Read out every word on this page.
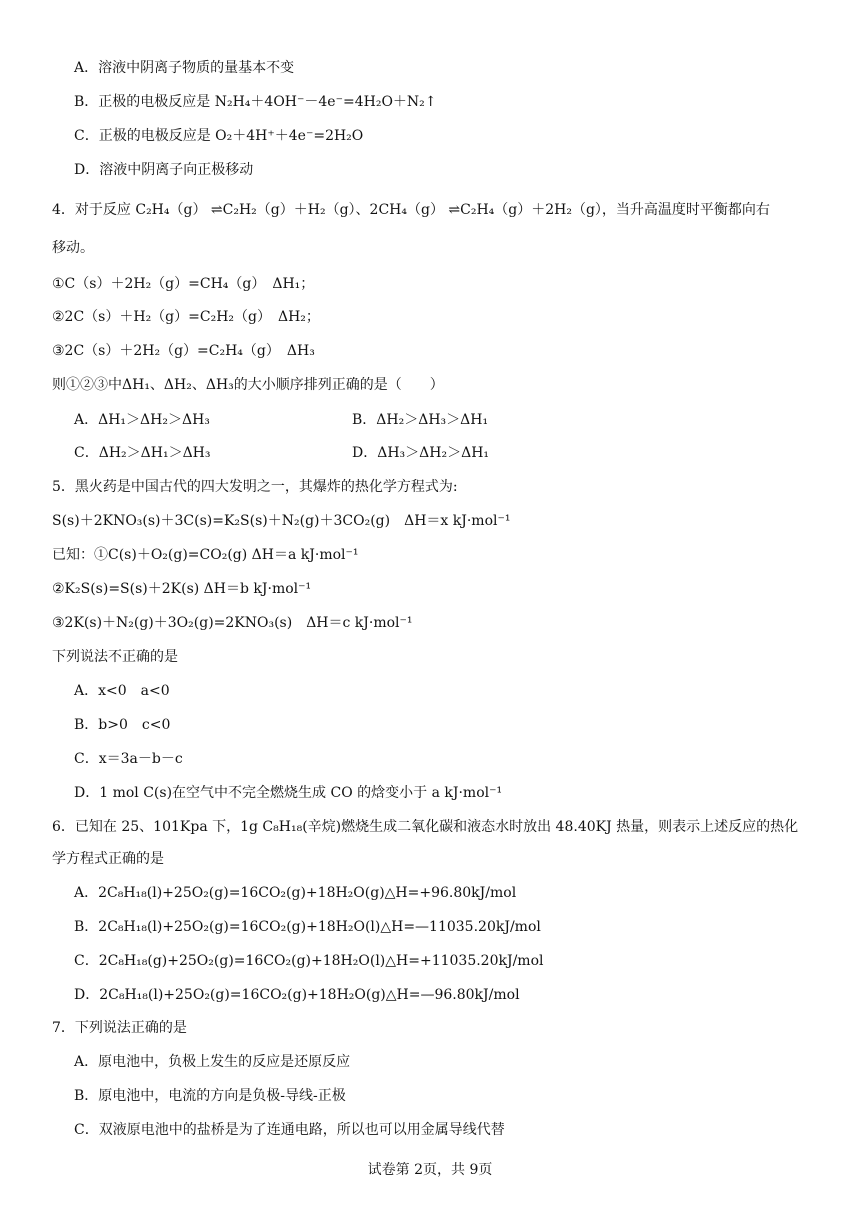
A．溶液中阴离子物质的量基本不变
B．正极的电极反应是 N₂H₄＋4OH⁻－4e⁻=4H₂O＋N₂↑
C．正极的电极反应是 O₂＋4H⁺＋4e⁻=2H₂O
D．溶液中阴离子向正极移动
4．对于反应 C₂H₄（g） ⇌C₂H₂（g）＋H₂（g）、2CH₄（g） ⇌C₂H₄（g）＋2H₂（g），当升高温度时平衡都向右
移动。
①C（s）＋2H₂（g）=CH₄（g）　ΔH₁；
②2C（s）＋H₂（g）=C₂H₂（g）　ΔH₂；
③2C（s）＋2H₂（g）=C₂H₄（g）　ΔH₃
则①②③中ΔH₁、ΔH₂、ΔH₃的大小顺序排列正确的是（　　）
A．ΔH₁＞ΔH₂＞ΔH₃	B．ΔH₂＞ΔH₃＞ΔH₁
C．ΔH₂＞ΔH₁＞ΔH₃	D．ΔH₃＞ΔH₂＞ΔH₁
5．黑火药是中国古代的四大发明之一，其爆炸的热化学方程式为:
S(s)＋2KNO₃(s)＋3C(s)=K₂S(s)＋N₂(g)＋3CO₂(g)　ΔH＝x kJ·mol⁻¹
已知：①C(s)＋O₂(g)=CO₂(g) ΔH＝a kJ·mol⁻¹
②K₂S(s)=S(s)＋2K(s) ΔH＝b kJ·mol⁻¹
③2K(s)＋N₂(g)＋3O₂(g)=2KNO₃(s)　ΔH＝c kJ·mol⁻¹
下列说法不正确的是
A．x<0　a<0
B．b>0　c<0
C．x＝3a－b－c
D．1 mol C(s)在空气中不完全燃烧生成 CO 的焓变小于 a kJ·mol⁻¹
6．已知在 25、101Kpa 下，1g C₈H₁₈(辛烷)燃烧生成二氧化碳和液态水时放出 48.40KJ 热量，则表示上述反应的热化
学方程式正确的是
A．2C₈H₁₈(l)+25O₂(g)=16CO₂(g)+18H₂O(g)△H=+96.80kJ/mol
B．2C₈H₁₈(l)+25O₂(g)=16CO₂(g)+18H₂O(l)△H=—11035.20kJ/mol
C．2C₈H₁₈(g)+25O₂(g)=16CO₂(g)+18H₂O(l)△H=+11035.20kJ/mol
D．2C₈H₁₈(l)+25O₂(g)=16CO₂(g)+18H₂O(g)△H=—96.80kJ/mol
7．下列说法正确的是
A．原电池中，负极上发生的反应是还原反应
B．原电池中，电流的方向是负极-导线-正极
C．双液原电池中的盐桥是为了连通电路，所以也可以用金属导线代替
试卷第 2页，共 9页
